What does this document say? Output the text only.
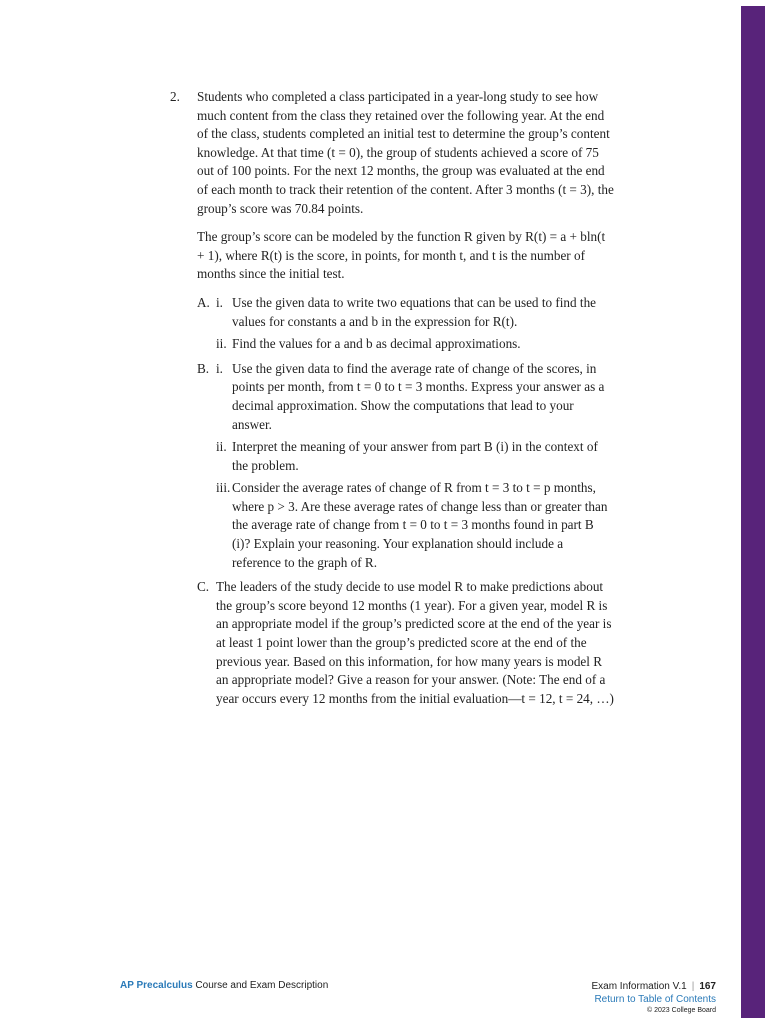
2. Students who completed a class participated in a year-long study to see how much content from the class they retained over the following year. At the end of the class, students completed an initial test to determine the group’s content knowledge. At that time (t = 0), the group of students achieved a score of 75 out of 100 points. For the next 12 months, the group was evaluated at the end of each month to track their retention of the content. After 3 months (t = 3), the group’s score was 70.84 points.

The group’s score can be modeled by the function R given by R(t) = a + bln(t + 1), where R(t) is the score, in points, for month t, and t is the number of months since the initial test.

A. i. Use the given data to write two equations that can be used to find the values for constants a and b in the expression for R(t).
ii. Find the values for a and b as decimal approximations.
B. i. Use the given data to find the average rate of change of the scores, in points per month, from t = 0 to t = 3 months. Express your answer as a decimal approximation. Show the computations that lead to your answer.
ii. Interpret the meaning of your answer from part B (i) in the context of the problem.
iii. Consider the average rates of change of R from t = 3 to t = p months, where p > 3. Are these average rates of change less than or greater than the average rate of change from t = 0 to t = 3 months found in part B (i)? Explain your reasoning. Your explanation should include a reference to the graph of R.
C. The leaders of the study decide to use model R to make predictions about the group’s score beyond 12 months (1 year). For a given year, model R is an appropriate model if the group’s predicted score at the end of the year is at least 1 point lower than the group’s predicted score at the end of the previous year. Based on this information, for how many years is model R an appropriate model? Give a reason for your answer. (Note: The end of a year occurs every 12 months from the initial evaluation—t = 12, t = 24, …)
AP Precalculus Course and Exam Description	Exam Information V.1 | 167
Return to Table of Contents
© 2023 College Board
